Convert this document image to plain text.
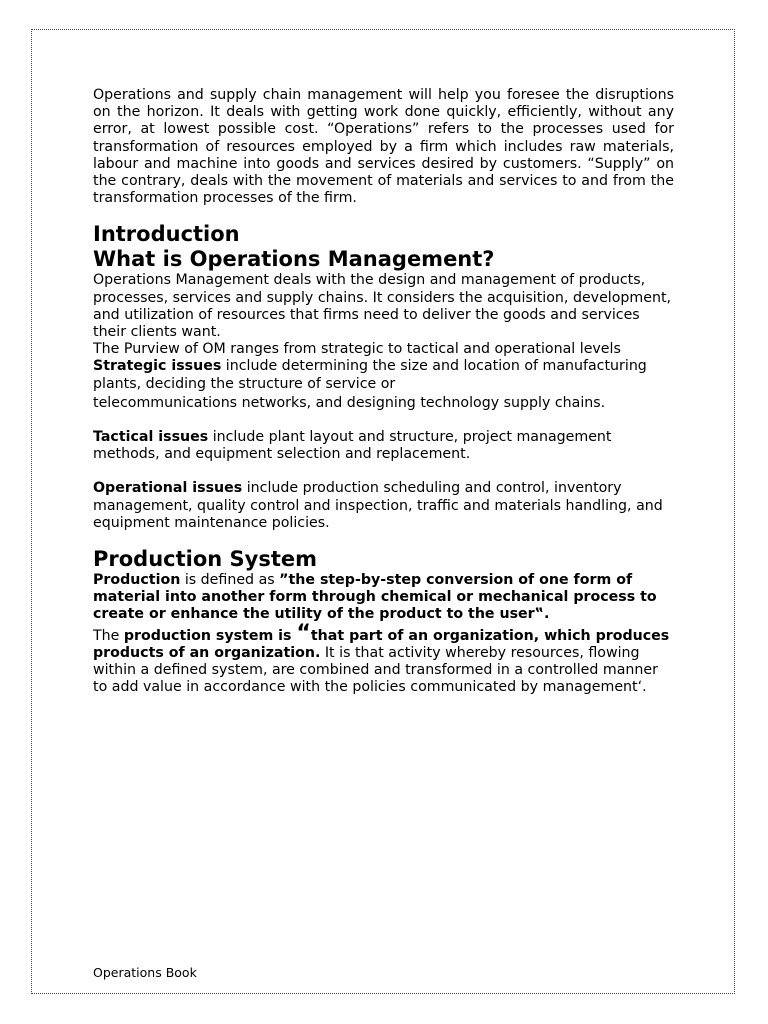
Operations and supply chain management will help you foresee the disruptions on the horizon. It deals with getting work done quickly, efficiently, without any error, at lowest possible cost. “Operations” refers to the processes used for transformation of resources employed by a firm which includes raw materials, labour and machine into goods and services desired by customers. “Supply” on the contrary, deals with the movement of materials and services to and from the transformation processes of the firm.

Introduction
What is Operations Management?

Operations Management deals with the design and management of products, processes, services and supply chains. It considers the acquisition, development, and utilization of resources that firms need to deliver the goods and services their clients want.

The Purview of OM ranges from strategic to tactical and operational levels

Strategic issues include determining the size and location of manufacturing plants, deciding the structure of service or

telecommunications networks, and designing technology supply chains.

Tactical issues include plant layout and structure, project management methods, and equipment selection and replacement.

Operational issues include production scheduling and control, inventory management, quality control and inspection, traffic and materials handling, and equipment maintenance policies.

Production System

Production is defined as ”the step-by-step conversion of one form of material into another form through chemical or mechanical process to create or enhance the utility of the product to the user‟.

The production system is “that part of an organization, which produces products of an organization. It is that activity whereby resources, flowing within a defined system, are combined and transformed in a controlled manner to add value in accordance with the policies communicated by management‘.

Operations Book
